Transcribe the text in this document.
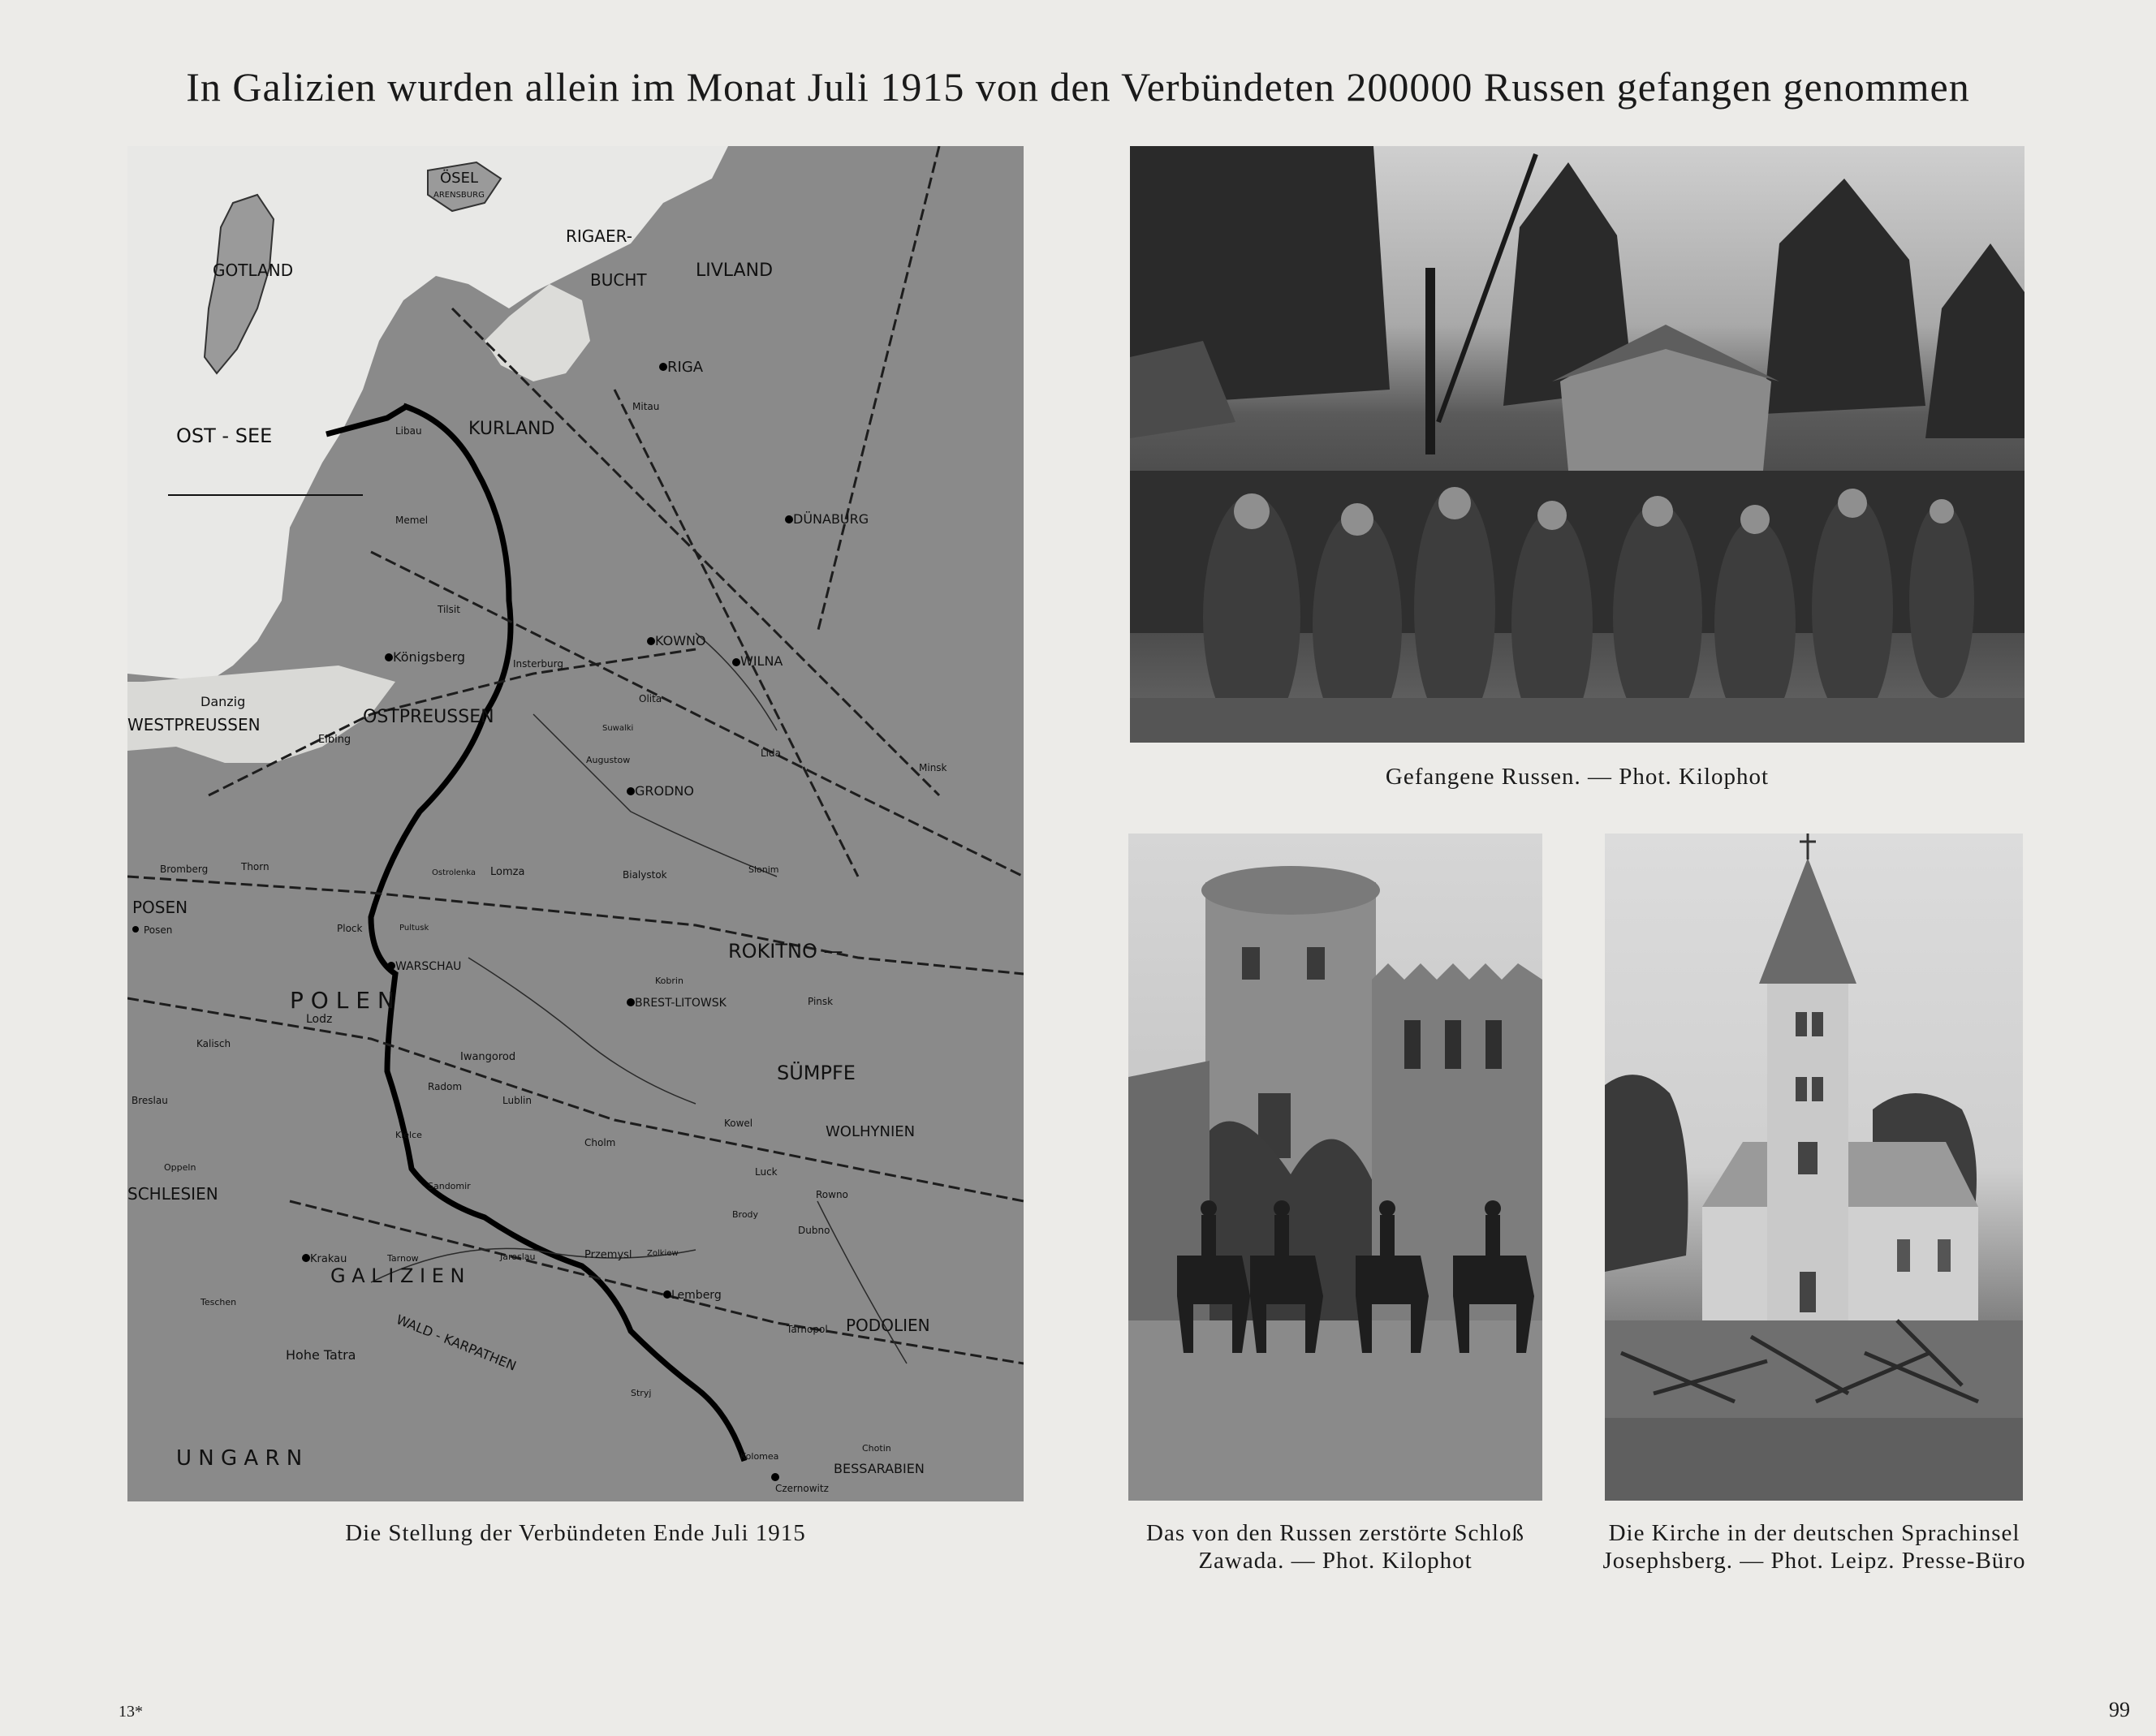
In Galizien wurden allein im Monat Juli 1915 von den Verbündeten 200000 Russen gefangen genommen
GOTLAND
ÖSEL
ARENSBURG
RIGAER-
BUCHT	LIVLAND
OST - SEE	KURLAND
RIGA
DÜNABURG
Königsberg
Danzig
WESTPREUSSEN	OSTPREUSSEN
KOWNO
WILNA
GRODNO
POSEN
Posen
WARSCHAU
P O L E N	BREST-LITOWSK
ROKITNO —
SÜMPFE
WOLHYNIEN
SCHLESIEN
Breslau
G A L I Z I E N
Lemberg
PODOLIEN
U N G A R N	BESSARABIEN
Czernowitz
Hohe Tatra	WALD - KARPATHEN
Lublin
Iwangorod
Krakau	Przemysl
Tarnopol
Mitau
Libau
Memel
Tilsit
Minsk
Pinsk
Kowel
Luck
Rowno
Cholm
Lodz
Thorn
Bromberg	Bialystok
Lomza
Ostrolenka
Pultusk
Plock
Kalisch
Radom
Kielce
Sandomir
Jaroslau
Stryj
Kolomea
Chotin
Suwalki
Augustow
Olita
Lida
Slonim
Kobrin
Dubno
Brody
Zolkiew
Tarnow
Teschen
Oppeln
Elbing
Insterburg
Die Stellung der Verbündeten Ende Juli 1915
Gefangene Russen. — Phot. Kilophot
Das von den Russen zerstörte Schloß
Zawada. — Phot. Kilophot
Die Kirche in der deutschen Sprachinsel
Josephsberg. — Phot. Leipz. Presse-Büro
13*	99
